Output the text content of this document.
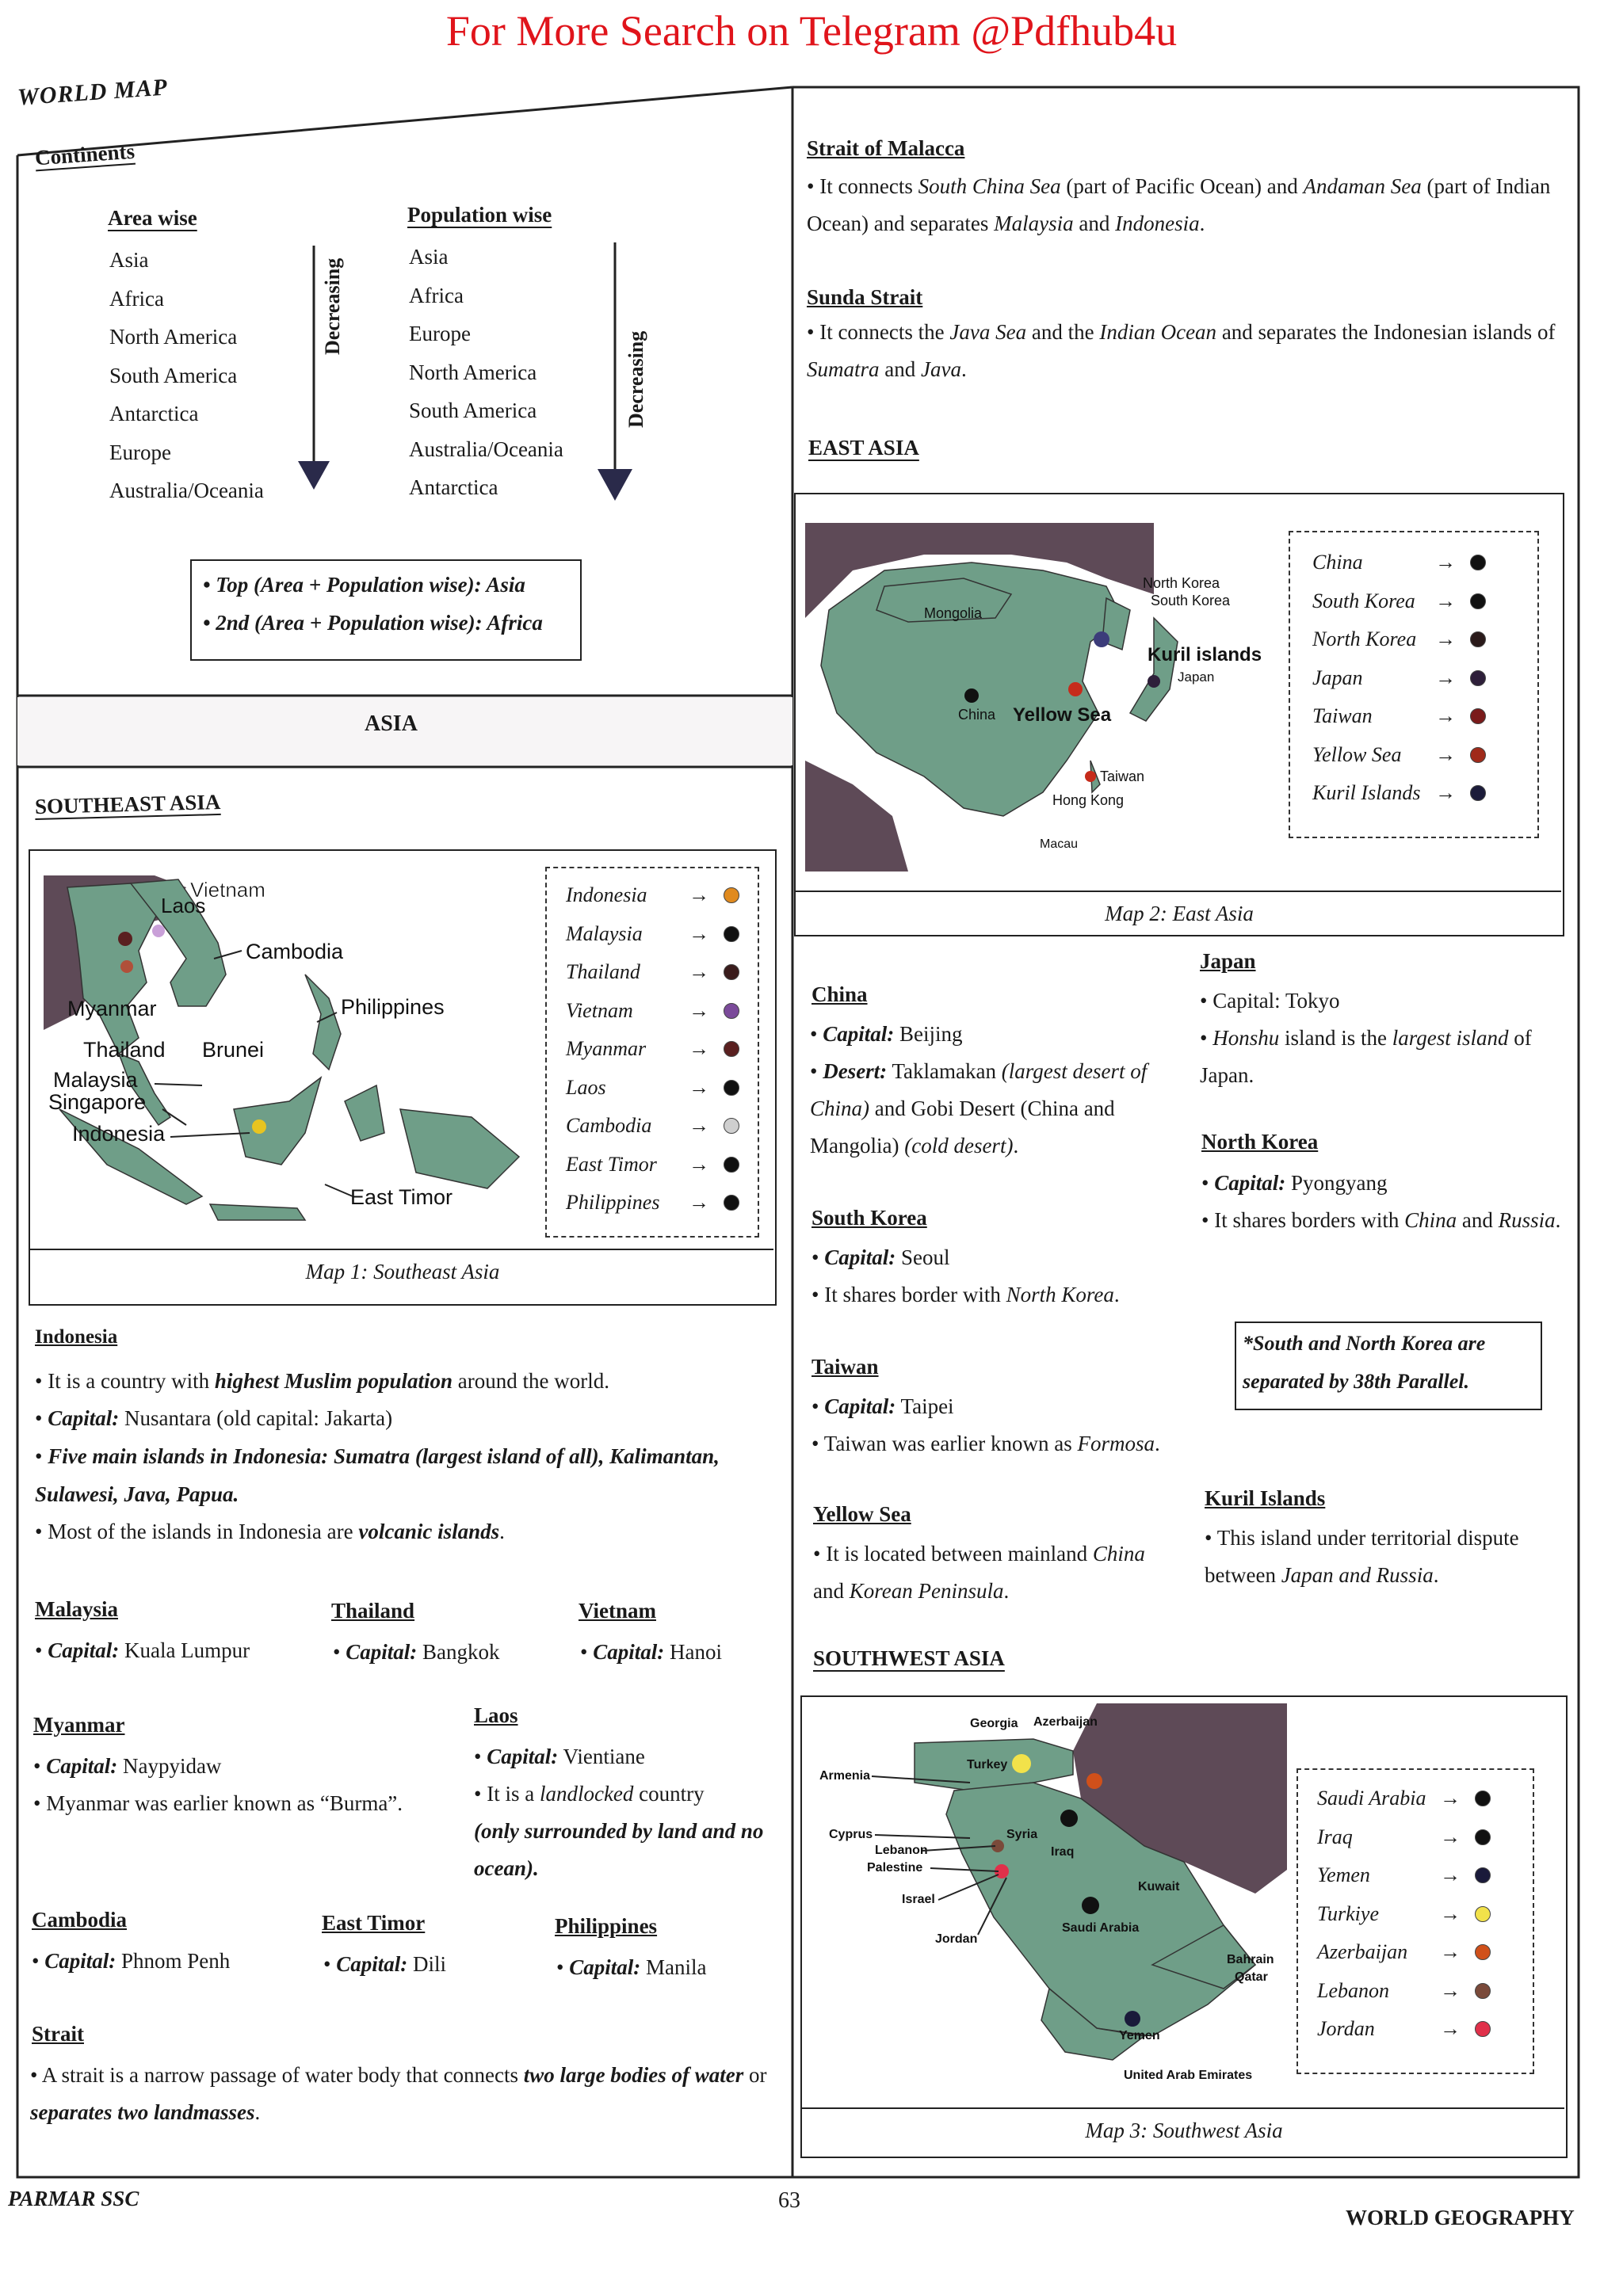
For More Search on Telegram @Pdfhub4u
WORLD MAP
Continents
Area wise
Asia
Africa
North America
South America
Antarctica
Europe
Australia/Oceania
Decreasing
Population wise
Asia
Africa
Europe
North America
South America
Australia/Oceania
Antarctica
Decreasing
• Top (Area + Population wise): Asia
• 2nd (Area + Population wise): Africa
ASIA
SOUTHEAST ASIA
Map 1: Southeast Asia
Vietnam
Laos
Cambodia
Philippines
Myanmar
Thailand Brunei
Malaysia
Singapore
Indonesia
East Timor
Indonesia	→
Malaysia	→
Thailand	→
Vietnam	→
Myanmar	→
Laos	→
Cambodia	→
East Timor	→
Philippines	→
Indonesia
• It is a country with highest Muslim population around the world.
• Capital: Nusantara (old capital: Jakarta)
• Five main islands in Indonesia: Sumatra (largest island of all), Kalimantan, Sulawesi, Java, Papua.
• Most of the islands in Indonesia are volcanic islands.
Malaysia
• Capital: Kuala Lumpur
Thailand
• Capital: Bangkok
Vietnam
• Capital: Hanoi
Myanmar
• Capital: Naypyidaw
• Myanmar was earlier known as “Burma”.
Laos
• Capital: Vientiane
• It is a landlocked country
(only surrounded by land and no ocean).
Cambodia
• Capital: Phnom Penh
East Timor
• Capital: Dili
Philippines
• Capital: Manila
Strait
• A strait is a narrow passage of water body that connects two large bodies of water or separates two landmasses.
Strait of Malacca
• It connects South China Sea (part of Pacific Ocean) and Andaman Sea (part of Indian Ocean) and separates Malaysia and Indonesia.
Sunda Strait
• It connects the Java Sea and the Indian Ocean and separates the Indonesian islands of Sumatra and Java.
EAST ASIA
Map 2: East Asia
Mongolia
China Yellow Sea
North Korea
South Korea
Kuril islands
Japan
Taiwan
Hong Kong
Macau
China	→
South Korea →
North Korea →
Japan	→
Taiwan	→
Yellow Sea	→
Kuril Islands →
China
• Capital: Beijing
• Desert: Taklamakan (largest desert of China) and Gobi Desert (China and Mangolia) (cold desert).
Japan
• Capital: Tokyo
• Honshu island is the largest island of Japan.
North Korea
• Capital: Pyongyang
• It shares borders with China and Russia.
South Korea
• Capital: Seoul
• It shares border with North Korea.
*South and North Korea are separated by 38th Parallel.
Taiwan
• Capital: Taipei
• Taiwan was earlier known as Formosa.
Yellow Sea
• It is located between mainland China and Korean Peninsula.
Kuril Islands
• This island under territorial dispute between Japan and Russia.
SOUTHWEST ASIA
Map 3: Southwest Asia
Georgia Azerbaijan
Armenia
Turkey
Cyprus
Lebanon
Palestine
Syria
Iraq
Israel
Jordan
Kuwait
Saudi Arabia
Bahrain
Qatar
Yemen
United Arab Emirates
Saudi Arabia →
Iraq	→
Yemen	→
Turkiye	→
Azerbaijan	→
Lebanon	→
Jordan	→
PARMAR SSC	63
WORLD GEOGRAPHY
